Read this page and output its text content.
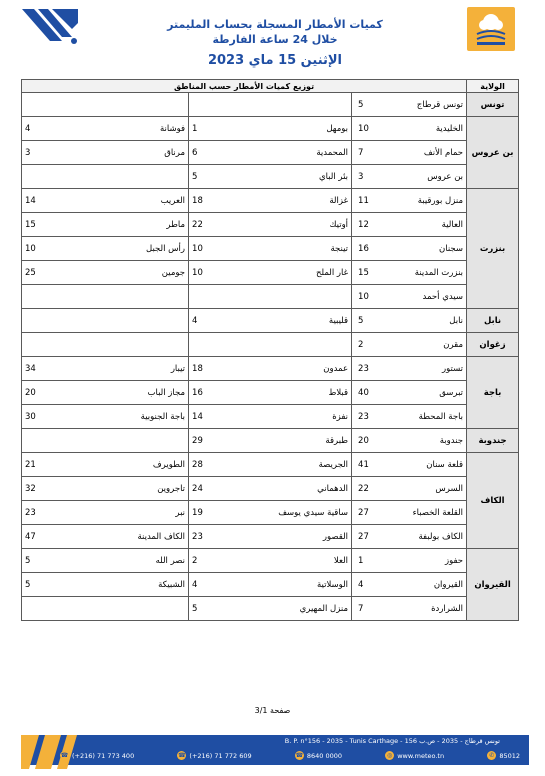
كميات الأمطار المسجلة بحساب المليمتر
خلال 24 ساعة الفارطة
الإثنين 15 ماي 2023
الولاية	توزيع كميات الأمطار حسب المناطق					
تونس	تونس قرطاج	5				
بن عروس	الخليدية	10	بومهل	1	فوشانة	4
	حمام الأنف	7	المحمدية	6	مرناق	3
	بن عروس	3	بئر الباي	5		
بنزرت	منزل بورقيبة	11	غزالة	18	العريب	14
	العالية	12	أوتيك	22	ماطر	15
	سجنان	16	تينجة	10	رأس الجبل	10
	بنزرت المدينة	15	غار الملح	10	جومين	25
	سيدي أحمد	10				
نابل	نابل	5	قليبية	4		
زغوان	مقرن	2				
باجة	تستور	23	عمدون	18	تيبار	34
	تبرسق	40	قبلاط	16	مجاز الباب	20
	باجة المحطة	23	نفزة	14	باجة الجنوبية	30
جندوبة	جندوبة	20	طبرقة	29		
الكاف	قلعة سنان	41	الجريصة	28	الطويرف	21
	السرس	22	الدهماني	24	تاجروين	32
	القلعة الخصباء	27	ساقية سيدي يوسف	19	نبر	23
	الكاف بولبفة	27	القصور	23	الكاف المدينة	47
القيروان	حفوز	1	العلا	2	نصر الله	5
	القيروان	4	الوسلاتية	4	الشبيكة	5
	الشراردة	7	منزل المهيري	5		
صفحة 3/1
B. P. n°156 - 2035 - Tunis Carthage - تونس قرطاج - 2035 - ص.ب 156
☎ (+216) 71 773 400	☎ (+216) 71 772 609	☎ 8640 0000	◎ www.meteo.tn	✆ 85012
